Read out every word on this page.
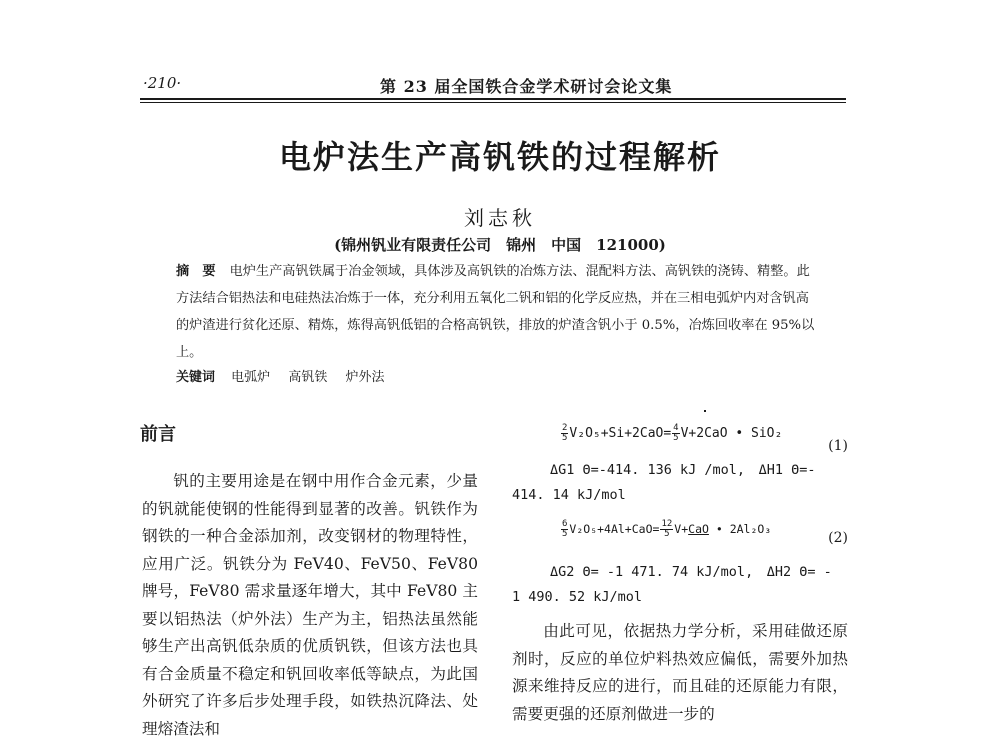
·210·	第 23 届全国铁合金学术研讨会论文集
电炉法生产高钒铁的过程解析
刘志秋
(锦州钒业有限责任公司　锦州　中国　121000)
摘　要 电炉生产高钒铁属于冶金领域，具体涉及高钒铁的冶炼方法、混配料方法、高钒铁的浇铸、精整。此方法结合铝热法和电硅热法冶炼于一体，充分利用五氧化二钒和铝的化学反应热，并在三相电弧炉内对含钒高的炉渣进行贫化还原、精炼，炼得高钒低铝的合格高钒铁，排放的炉渣含钒小于 0.5%，冶炼回收率在 95%以上。
关键词 电弧炉 高钒铁 炉外法
前言

钒的主要用途是在钢中用作合金元素，少量的钒就能使钢的性能得到显著的改善。钒铁作为钢铁的一种合金添加剂，改变钢材的物理特性，应用广泛。钒铁分为 FeV40、FeV50、FeV80 牌号，FeV80 需求量逐年增大，其中 FeV80 主要以铝热法（炉外法）生产为主，铝热法虽然能够生产出高钒低杂质的优质钒铁，但该方法也具有合金质量不稳定和钒回收率低等缺点，为此国外研究了许多后步处理手段，如铁热沉降法、处理熔渣法和

$\frac{2}{5} V_2O_5+Si+2CaO= \frac{4}{5} V+2CaO$ • SiO₂
(1)
ΔG1 Θ=-414. 136 kJ /mol,　ΔH1 Θ=-
414. 14 kJ/mol
$\frac{6}{5} V_2O_5+4Al+CaO= \frac{12}{5} V+CaO$ • 2Al₂O₃
(2)
ΔG2 Θ= -1 471. 74 kJ/mol,　ΔH2 Θ= -
1 490. 52 kJ/mol

由此可见，依据热力学分析，采用硅做还原剂时，反应的单位炉料热效应偏低，需要外加热源来维持反应的进行，而且硅的还原能力有限，需要更强的还原剂做进一步的
